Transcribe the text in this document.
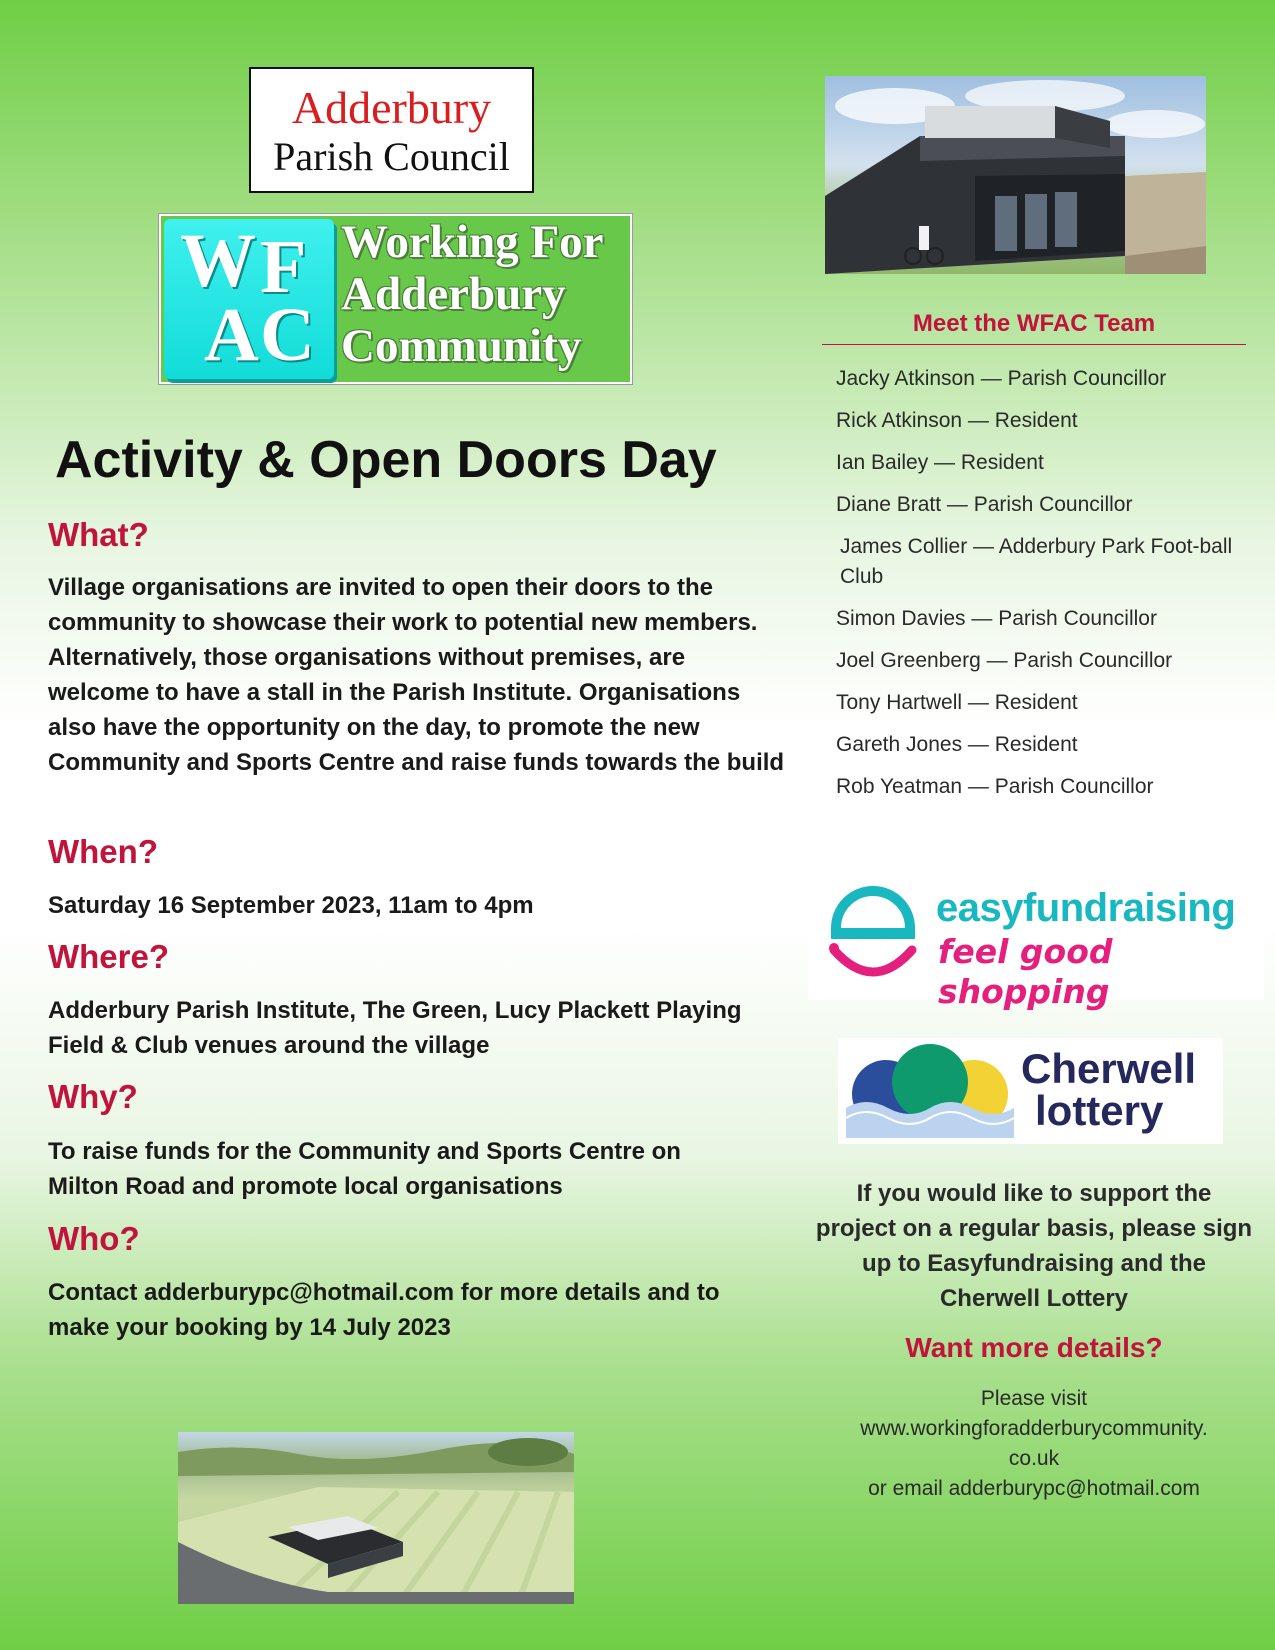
Adderbury
Parish Council
W F
A C
Working For
Adderbury
Community
Activity & Open Doors Day
What?
Village organisations are invited to open their doors to the community to showcase their work to potential new members. Alternatively, those organisations without premises, are welcome to have a stall in the Parish Institute. Organisations also have the opportunity on the day, to promote the new Community and Sports Centre and raise funds towards the build
When?
Saturday 16 September 2023, 11am to 4pm
Where?
Adderbury Parish Institute, The Green, Lucy Plackett Playing Field & Club venues around the village
Why?
To raise funds for the Community and Sports Centre on Milton Road and promote local organisations
Who?
Contact adderburypc@hotmail.com for more details and to make your booking by 14 July 2023
Meet the WFAC Team
Jacky Atkinson — Parish Councillor
Rick Atkinson — Resident
Ian Bailey — Resident
Diane Bratt — Parish Councillor
James Collier — Adderbury Park Foot-ball Club
Simon Davies — Parish Councillor
Joel Greenberg — Parish Councillor
Tony Hartwell — Resident
Gareth Jones — Resident
Rob Yeatman — Parish Councillor
easyfundraising
feel good shopping
Cherwell
lottery
If you would like to support the project on a regular basis, please sign up to Easyfundraising and the Cherwell Lottery
Want more details?
Please visit
www.workingforadderburycommunity.
co.uk
or email adderburypc@hotmail.com
